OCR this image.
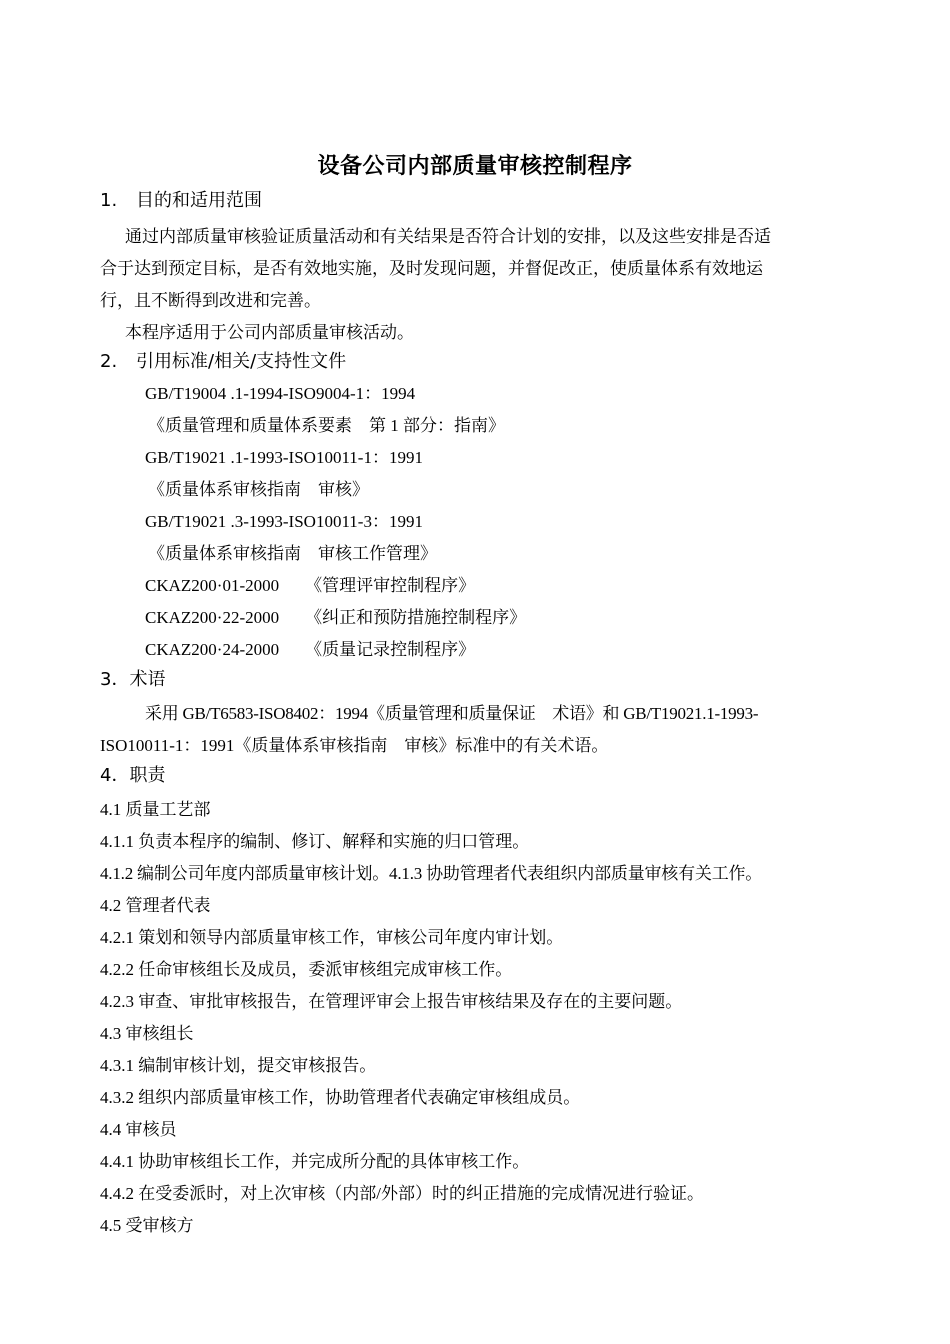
设备公司内部质量审核控制程序
1. 目的和适用范围
通过内部质量审核验证质量活动和有关结果是否符合计划的安排，以及这些安排是否适
合于达到预定目标，是否有效地实施，及时发现问题，并督促改正，使质量体系有效地运
行，且不断得到改进和完善。
本程序适用于公司内部质量审核活动。
2. 引用标准/相关/支持性文件
GB/T19004 .1-1994-ISO9004-1：1994
《质量管理和质量体系要素　第 1 部分：指南》
GB/T19021 .1-1993-ISO10011-1：1991
《质量体系审核指南　审核》
GB/T19021 .3-1993-ISO10011-3：1991
《质量体系审核指南　审核工作管理》
CKAZ200·01-2000 《管理评审控制程序》
CKAZ200·22-2000 《纠正和预防措施控制程序》
CKAZ200·24-2000 《质量记录控制程序》
3．术语
采用 GB/T6583-ISO8402：1994《质量管理和质量保证　术语》和 GB/T19021.1-1993-
ISO10011-1：1991《质量体系审核指南　审核》标准中的有关术语。
4．职责
4.1 质量工艺部
4.1.1 负责本程序的编制、修订、解释和实施的归口管理。
4.1.2 编制公司年度内部质量审核计划。4.1.3 协助管理者代表组织内部质量审核有关工作。
4.2 管理者代表
4.2.1 策划和领导内部质量审核工作，审核公司年度内审计划。
4.2.2 任命审核组长及成员，委派审核组完成审核工作。
4.2.3 审查、审批审核报告，在管理评审会上报告审核结果及存在的主要问题。
4.3 审核组长
4.3.1 编制审核计划，提交审核报告。
4.3.2 组织内部质量审核工作，协助管理者代表确定审核组成员。
4.4 审核员
4.4.1 协助审核组长工作，并完成所分配的具体审核工作。
4.4.2 在受委派时，对上次审核（内部/外部）时的纠正措施的完成情况进行验证。
4.5 受审核方
